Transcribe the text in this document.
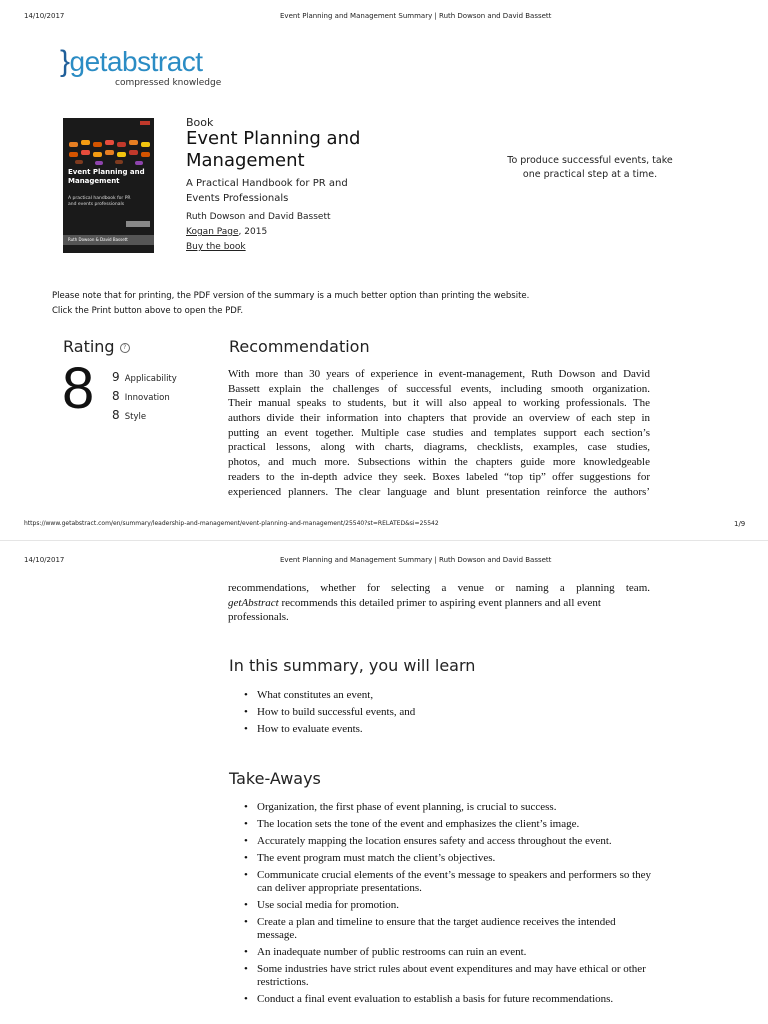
14/10/2017	Event Planning and Management Summary | Ruth Dowson and David Bassett
}getabstract
compressed knowledge
Event Planning and Management
A practical handbook for PR and events professionals
Ruth Dowson & David Bassett
Book
Event Planning and
Management
A Practical Handbook for PR and
Events Professionals
Ruth Dowson and David Bassett
Kogan Page, 2015
Buy the book
To produce successful events, take
one practical step at a time.
Please note that for printing, the PDF version of the summary is a much better option than printing the website.
Click the Print button above to open the PDF.
Rating ?
8 9 Applicability
8 Innovation
8 Style
Recommendation
With more than 30 years of experience in event-management, Ruth Dowson and David
Bassett explain the challenges of successful events, including smooth organization.
Their manual speaks to students, but it will also appeal to working professionals. The
authors divide their information into chapters that provide an overview of each step in
putting an event together. Multiple case studies and templates support each section’s
practical lessons, along with charts, diagrams, checklists, examples, case studies,
photos, and much more. Subsections within the chapters guide more knowledgeable
readers to the in-depth advice they seek. Boxes labeled “top tip” offer suggestions for
experienced planners. The clear language and blunt presentation reinforce the authors’
https://www.getabstract.com/en/summary/leadership-and-management/event-planning-and-management/25540?st=RELATED&si=25542	1/9
14/10/2017	Event Planning and Management Summary | Ruth Dowson and David Bassett
recommendations, whether for selecting a venue or naming a planning team.
getAbstract recommends this detailed primer to aspiring event planners and all event
professionals.
In this summary, you will learn
• What constitutes an event,
• How to build successful events, and
• How to evaluate events.
Take-Aways
• Organization, the first phase of event planning, is crucial to success.
• The location sets the tone of the event and emphasizes the client’s image.
• Accurately mapping the location ensures safety and access throughout the event.
• The event program must match the client’s objectives.
• Communicate crucial elements of the event’s message to speakers and performers so they can deliver appropriate presentations.
• Use social media for promotion.
• Create a plan and timeline to ensure that the target audience receives the intended message.
• An inadequate number of public restrooms can ruin an event.
• Some industries have strict rules about event expenditures and may have ethical or other restrictions.
• Conduct a final event evaluation to establish a basis for future recommendations.
